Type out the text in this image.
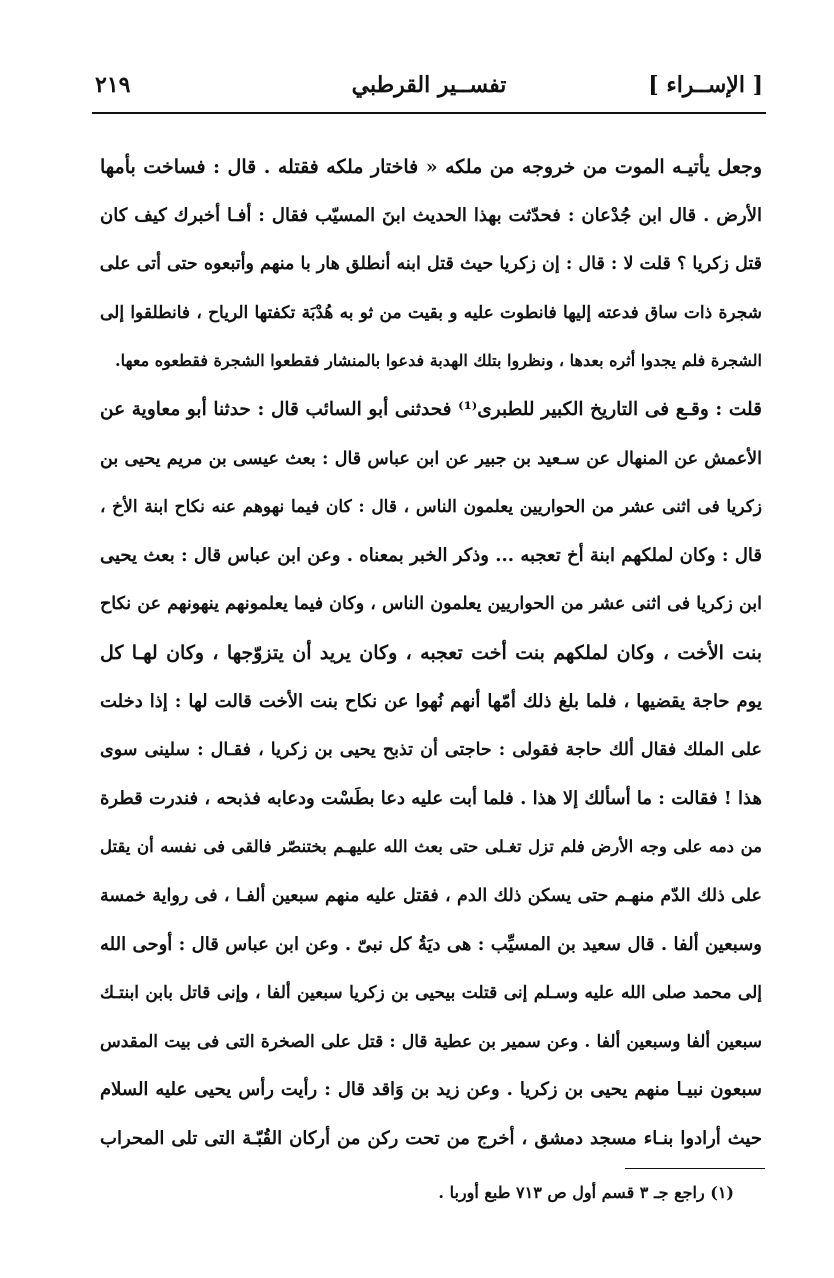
[ الإســراء ]
تفســير القرطبي
٢١٩
وجعل يأتيـه الموت من خروجه من ملكه « فاختار ملكه فقتله . قال : فساخت بأمها
الأرض . قال ابن جُدْعان : فحدّثت بهذا الحديث ابنَ المسيّب فقال : أفـا أخبرك كيف كان
قتل زكريا ؟ قلت لا : قال : إن زكريا حيث قتل ابنه أنطلق هار با منهم وأتبعوه حتى أتى على
شجرة ذات ساق فدعته إليها فانطوت عليه و بقيت من ثو به هُدْبَة تكفتها الرياح ، فانطلقوا إلى
الشجرة فلم يجدوا أثره بعدها ، ونظروا بتلك الهدبة فدعوا بالمنشار فقطعوا الشجرة فقطعوه معها.
قلت : وقـع فى التاريخ الكبير للطبرى⁽¹⁾ فحدثنى أبو السائب قال : حدثنا أبو معاوية عن
الأعمش عن المنهال عن سـعيد بن جبير عن ابن عباس قال : بعث عيسى بن مريم يحيى بن
زكريا فى اثنى عشر من الحواريين يعلمون الناس ، قال : كان فيما نهوهم عنه نكاح ابنة الأخ ،
قال : وكان لملكهم ابنة أخ تعجبه ... وذكر الخبر بمعناه . وعن ابن عباس قال : بعث يحيى
ابن زكريا فى اثنى عشر من الحواريين يعلمون الناس ، وكان فيما يعلمونهم ينهونهم عن نكاح
بنت الأخت ، وكان لملكهم بنت أخت تعجبه ، وكان يريد أن يتزوّجها ، وكان لهـا كل
يوم حاجة يقضيها ، فلما بلغ ذلك أمّها أنهم نُهوا عن نكاح بنت الأخت قالت لها : إذا دخلت
على الملك فقال ألك حاجة فقولى : حاجتى أن تذبح يحيى بن زكريا ، فقـال : سلينى سوى
هذا ! فقالت : ما أسألك إلا هذا . فلما أبت عليه دعا بطَسْت ودعابه فذبحه ، فندرت قطرة
من دمه على وجه الأرض فلم تزل تغـلى حتى بعث الله عليهـم بختنصّر فالقى فى نفسه أن يقتل
على ذلك الدّم منهـم حتى يسكن ذلك الدم ، فقتل عليه منهم سبعين ألفـا ، فى رواية خمسة
وسبعين ألفا . قال سعيد بن المسيِّب : هى ديَةُ كل نبىّ . وعن ابن عباس قال : أوحى الله
إلى محمد صلى الله عليه وسـلم إنى قتلت بيحيى بن زكريا سبعين ألفا ، وإنى قاتل بابن ابنتـك
سبعين ألفا وسبعين ألفا . وعن سمير بن عطية قال : قتل على الصخرة التى فى بيت المقدس
سبعون نبيـا منهم يحيى بن زكريا . وعن زيد بن وَاقد قال : رأيت رأس يحيى عليه السلام
حيث أرادوا بنـاء مسجد دمشق ، أخرج من تحت ركن من أركان القُبّـة التى تلى المحراب
(١) راجع جـ ٣ قسم أول ص ٧١٣ طبع أوربا .
